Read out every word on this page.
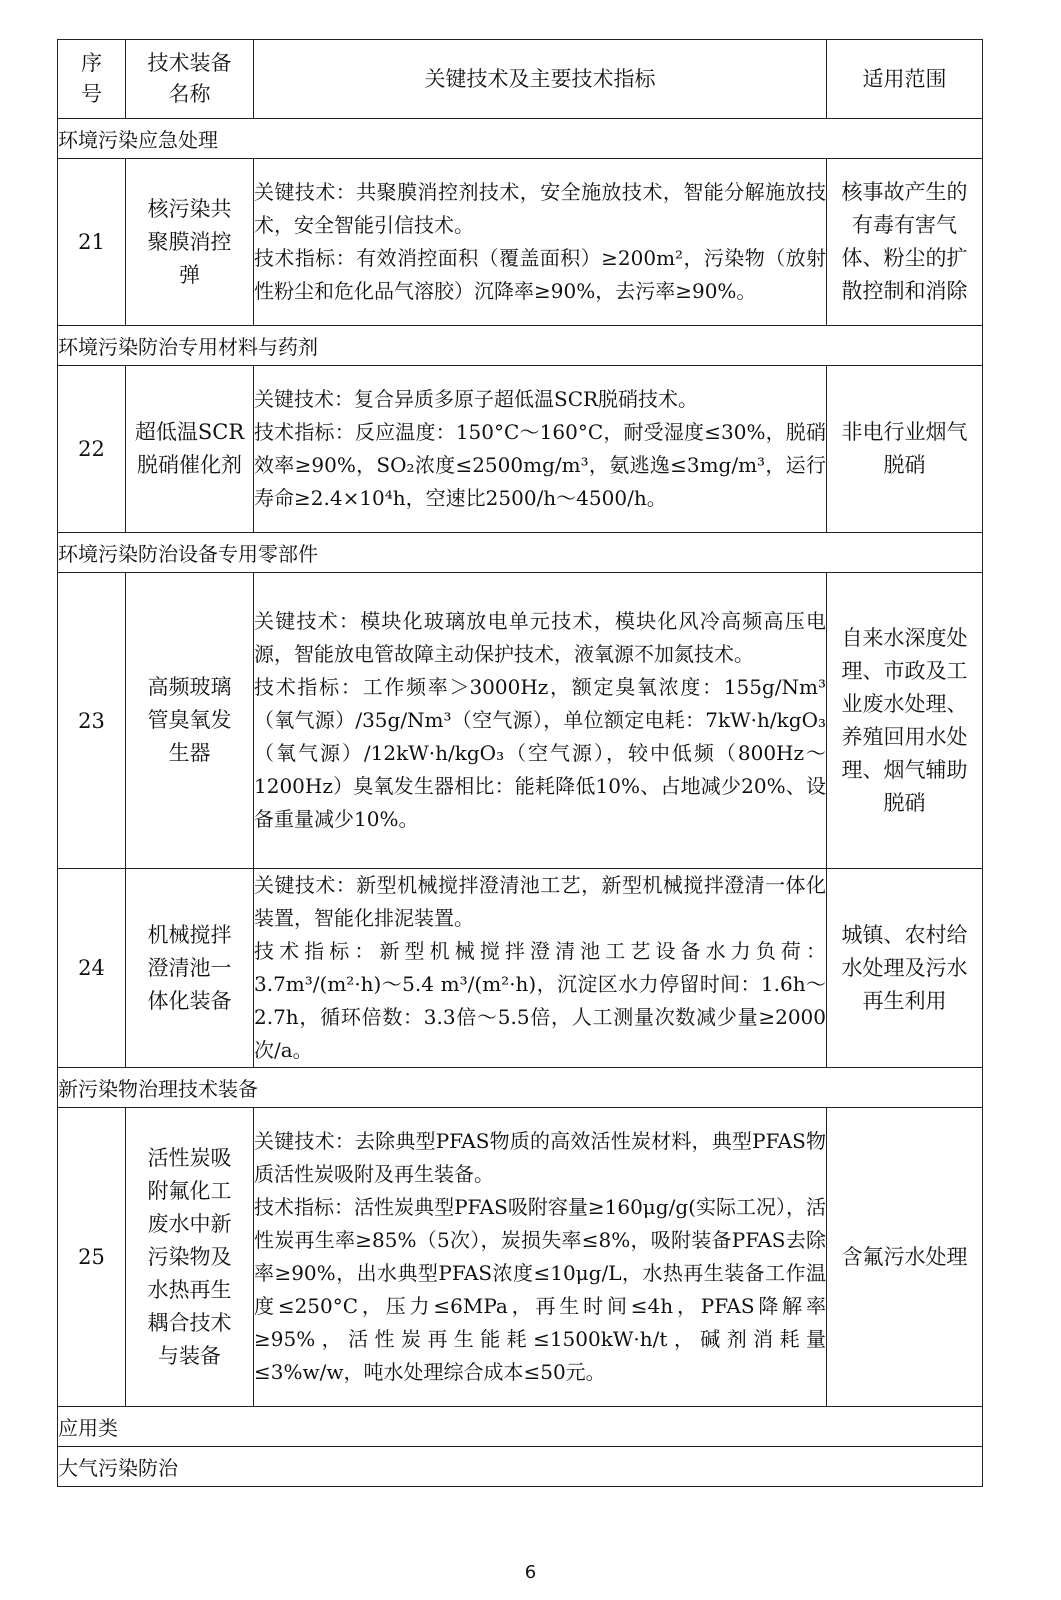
序号	技术装备名称	关键技术及主要技术指标	适用范围
环境污染应急处理			
21	核污染共聚膜消控弹	关键技术：共聚膜消控剂技术，安全施放技术，智能分解施放技术，安全智能引信技术。

技术指标：有效消控面积（覆盖面积）≥200m²，污染物（放射性粉尘和危化品气溶胶）沉降率≥90%，去污率≥90%。	核事故产生的有毒有害气体、粉尘的扩散控制和消除
环境污染防治专用材料与药剂			
22	超低温SCR脱硝催化剂	关键技术：复合异质多原子超低温SCR脱硝技术。

技术指标：反应温度：150°C～160°C，耐受湿度≤30%，脱硝效率≥90%，SO₂浓度≤2500mg/m³，氨逃逸≤3mg/m³，运行寿命≥2.4×10⁴h，空速比2500/h～4500/h。	非电行业烟气脱硝
环境污染防治设备专用零部件			
23	高频玻璃管臭氧发生器	关键技术：模块化玻璃放电单元技术，模块化风冷高频高压电源，智能放电管故障主动保护技术，液氧源不加氮技术。

技术指标：工作频率＞3000Hz，额定臭氧浓度：155g/Nm³（氧气源）/35g/Nm³（空气源），单位额定电耗：7kW·h/kgO₃（氧气源）/12kW·h/kgO₃（空气源），较中低频（800Hz～1200Hz）臭氧发生器相比：能耗降低10%、占地减少20%、设备重量减少10%。	自来水深度处理、市政及工业废水处理、养殖回用水处理、烟气辅助脱硝
24	机械搅拌澄清池一体化装备	关键技术：新型机械搅拌澄清池工艺，新型机械搅拌澄清一体化装置，智能化排泥装置。

技术指标：新型机械搅拌澄清池工艺设备水力负荷：3.7m³/(m²·h)～5.4 m³/(m²·h)，沉淀区水力停留时间：1.6h～2.7h，循环倍数：3.3倍～5.5倍，人工测量次数减少量≥2000次/a。	城镇、农村给水处理及污水再生利用
新污染物治理技术装备			
25	活性炭吸附氟化工废水中新污染物及水热再生耦合技术与装备	关键技术：去除典型PFAS物质的高效活性炭材料，典型PFAS物质活性炭吸附及再生装备。

技术指标：活性炭典型PFAS吸附容量≥160μg/g(实际工况），活性炭再生率≥85%（5次），炭损失率≤8%，吸附装备PFAS去除率≥90%，出水典型PFAS浓度≤10μg/L，水热再生装备工作温度≤250°C，压力≤6MPa，再生时间≤4h，PFAS降解率≥95%，活性炭再生能耗≤1500kW·h/t，碱剂消耗量≤3%w/w，吨水处理综合成本≤50元。	含氟污水处理
应用类			
大气污染防治			
6
